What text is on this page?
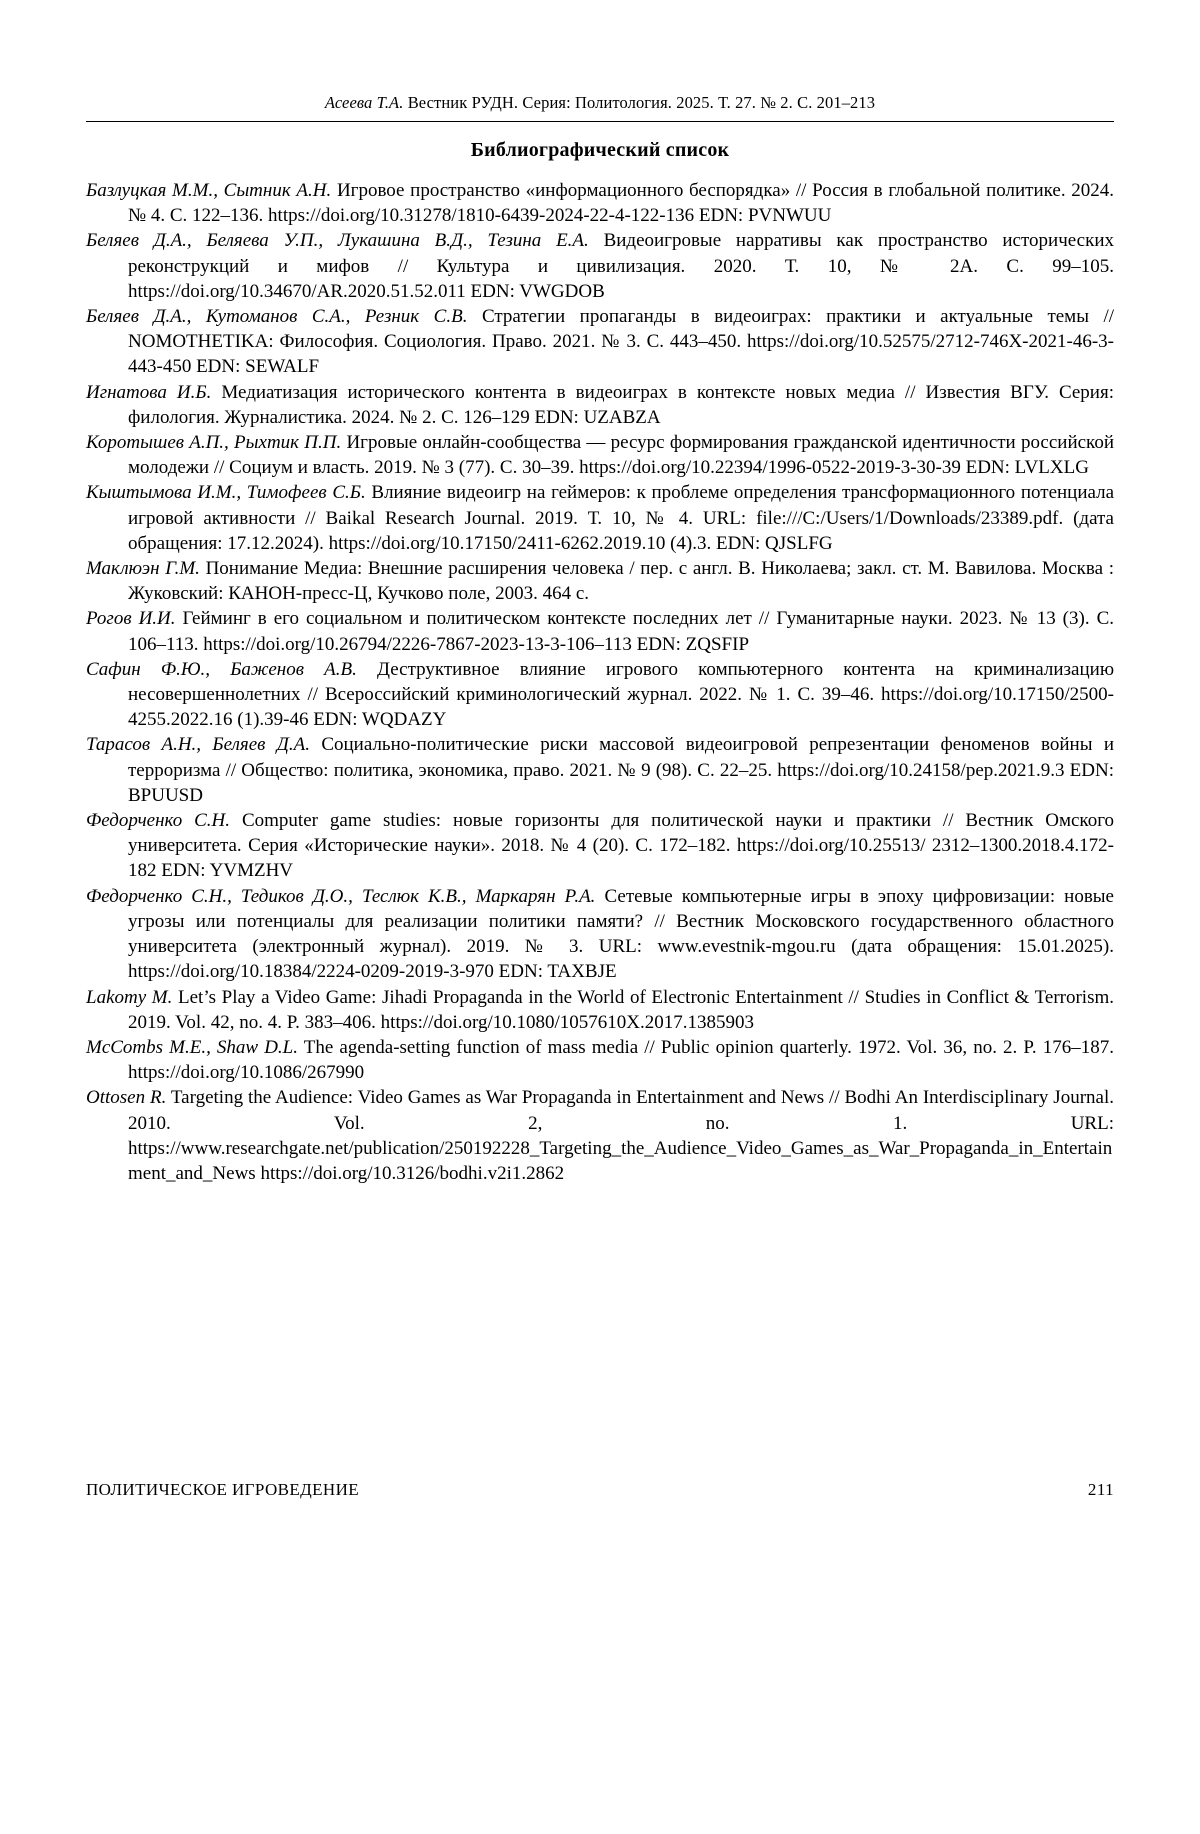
Асеева Т.А. Вестник РУДН. Серия: Политология. 2025. Т. 27. № 2. С. 201–213
Библиографический список

Базлуцкая М.М., Сытник А.Н. Игровое пространство «информационного беспорядка» // Россия в глобальной политике. 2024. № 4. С. 122–136. https://doi.org/10.31278/1810-6439-2024-22-4-122-136 EDN: PVNWUU

Беляев Д.А., Беляева У.П., Лукашина В.Д., Тезина Е.А. Видеоигровые нарративы как пространство исторических реконструкций и мифов // Культура и цивилизация. 2020. Т. 10, № 2А. С. 99–105. https://doi.org/10.34670/AR.2020.51.52.011 EDN: VWGDOB

Беляев Д.А., Кутоманов С.А., Резник С.В. Стратегии пропаганды в видеоиграх: практики и актуальные темы // NOMOTHETIKA: Философия. Социология. Право. 2021. № 3. С. 443–450. https://doi.org/10.52575/2712-746X-2021-46-3-443-450 EDN: SEWALF

Игнатова И.Б. Медиатизация исторического контента в видеоиграх в контексте новых медиа // Известия ВГУ. Серия: филология. Журналистика. 2024. № 2. С. 126–129 EDN: UZABZA

Коротышев А.П., Рыхтик П.П. Игровые онлайн-сообщества — ресурс формирования гражданской идентичности российской молодежи // Социум и власть. 2019. № 3 (77). С. 30–39. https://doi.org/10.22394/1996-0522-2019-3-30-39 EDN: LVLXLG

Кыштымова И.М., Тимофеев С.Б. Влияние видеоигр на геймеров: к проблеме определения трансформационного потенциала игровой активности // Baikal Research Journal. 2019. Т. 10, № 4. URL: file:///C:/Users/1/Downloads/23389.pdf. (дата обращения: 17.12.2024). https://doi.org/10.17150/2411-6262.2019.10 (4).3. EDN: QJSLFG

Маклюэн Г.М. Понимание Медиа: Внешние расширения человека / пер. с англ. В. Николаева; закл. ст. М. Вавилова. Москва : Жуковский: КАНОН-пресс-Ц, Кучково поле, 2003. 464 с.

Рогов И.И. Гейминг в его социальном и политическом контексте последних лет // Гуманитарные науки. 2023. № 13 (3). С. 106–113. https://doi.org/10.26794/2226-7867-2023-13-3-106–113 EDN: ZQSFIP

Сафин Ф.Ю., Баженов А.В. Деструктивное влияние игрового компьютерного контента на криминализацию несовершеннолетних // Всероссийский криминологический журнал. 2022. № 1. С. 39–46. https://doi.org/10.17150/2500-4255.2022.16 (1).39-46 EDN: WQDAZY

Тарасов А.Н., Беляев Д.А. Социально-политические риски массовой видеоигровой репрезентации феноменов войны и терроризма // Общество: политика, экономика, право. 2021. № 9 (98). С. 22–25. https://doi.org/10.24158/pep.2021.9.3 EDN: BPUUSD

Федорченко С.Н. Computer game studies: новые горизонты для политической науки и практики // Вестник Омского университета. Серия «Исторические науки». 2018. № 4 (20). С. 172–182. https://doi.org/10.25513/ 2312–1300.2018.4.172-182 EDN: YVMZHV

Федорченко С.Н., Тедиков Д.О., Теслюк К.В., Маркарян Р.А. Сетевые компьютерные игры в эпоху цифровизации: новые угрозы или потенциалы для реализации политики памяти? // Вестник Московского государственного областного университета (электронный журнал). 2019. № 3. URL: www.evestnik-mgou.ru (дата обращения: 15.01.2025). https://doi.org/10.18384/2224-0209-2019-3-970 EDN: TAXBJE

Lakomy M. Let’s Play a Video Game: Jihadi Propaganda in the World of Electronic Entertainment // Studies in Conflict & Terrorism. 2019. Vol. 42, no. 4. P. 383–406. https://doi.org/10.1080/1057610X.2017.1385903

McCombs M.E., Shaw D.L. The agenda-setting function of mass media // Public opinion quarterly. 1972. Vol. 36, no. 2. P. 176–187. https://doi.org/10.1086/267990

Ottosen R. Targeting the Audience: Video Games as War Propaganda in Entertainment and News // Bodhi An Interdisciplinary Journal. 2010. Vol. 2, no. 1. URL: https://www.researchgate.net/publication/250192228_Targeting_the_Audience_Video_Games_as_War_Propaganda_in_Entertainment_and_News https://doi.org/10.3126/bodhi.v2i1.2862

ПОЛИТИЧЕСКОЕ ИГРОВЕДЕНИЕ	211
